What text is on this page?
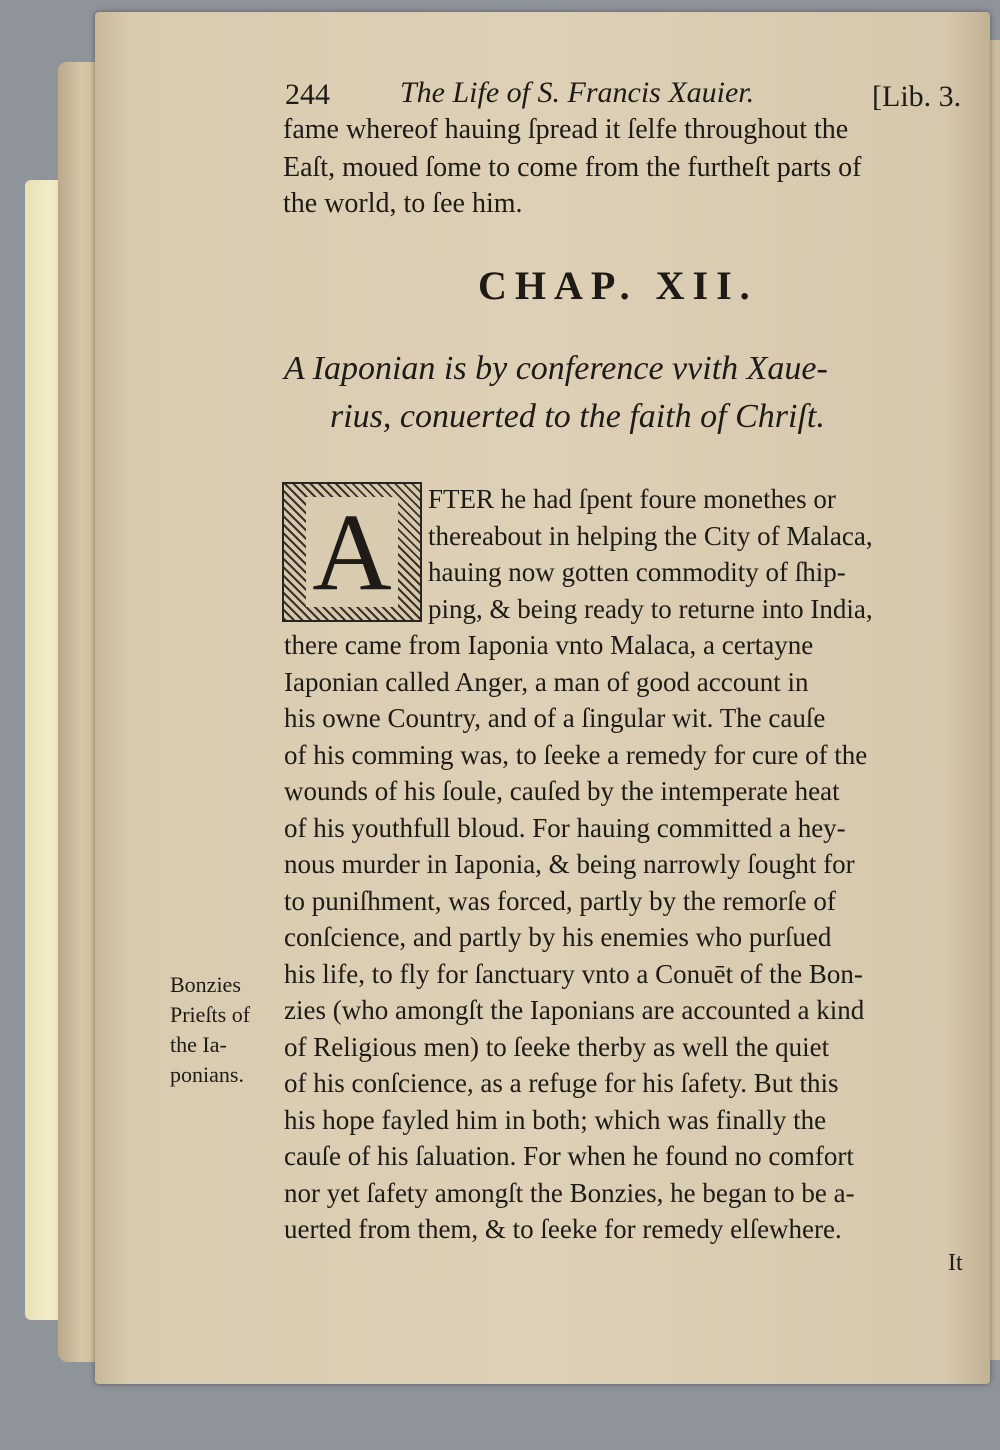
244 The Life of S. Francis Xauier.	[Lib. 3.
fame whereof hauing ſpread it ſelfe throughout the
Eaſt, moued ſome to come from the furtheſt parts of
the world, to ſee him.
CHAP. XII.
A Iaponian is by conference vvith Xaue-
rius, conuerted to the faith of Chriſt.
A FTER he had ſpent foure monethes or
thereabout in helping the City of Malaca,
hauing now gotten commodity of ſhip-
ping, & being ready to returne into India,
there came from Iaponia vnto Malaca, a certayne
Iaponian called Anger, a man of good account in
his owne Country, and of a ſingular wit. The cauſe
of his comming was, to ſeeke a remedy for cure of the
wounds of his ſoule, cauſed by the intemperate heat
of his youthfull bloud. For hauing committed a hey-
nous murder in Iaponia, & being narrowly ſought for
to puniſhment, was forced, partly by the remorſe of
conſcience, and partly by his enemies who purſued
his life, to fly for ſanctuary vnto a Conuēt of the Bon-
zies (who amongſt the Iaponians are accounted a kind
of Religious men) to ſeeke therby as well the quiet
of his conſcience, as a refuge for his ſafety. But this
his hope fayled him in both; which was finally the
cauſe of his ſaluation. For when he found no comfort
nor yet ſafety amongſt the Bonzies, he began to be a-
uerted from them, & to ſeeke for remedy elſewhere.
It
Bonzies
Prieſts of
the Ia-
ponians.
